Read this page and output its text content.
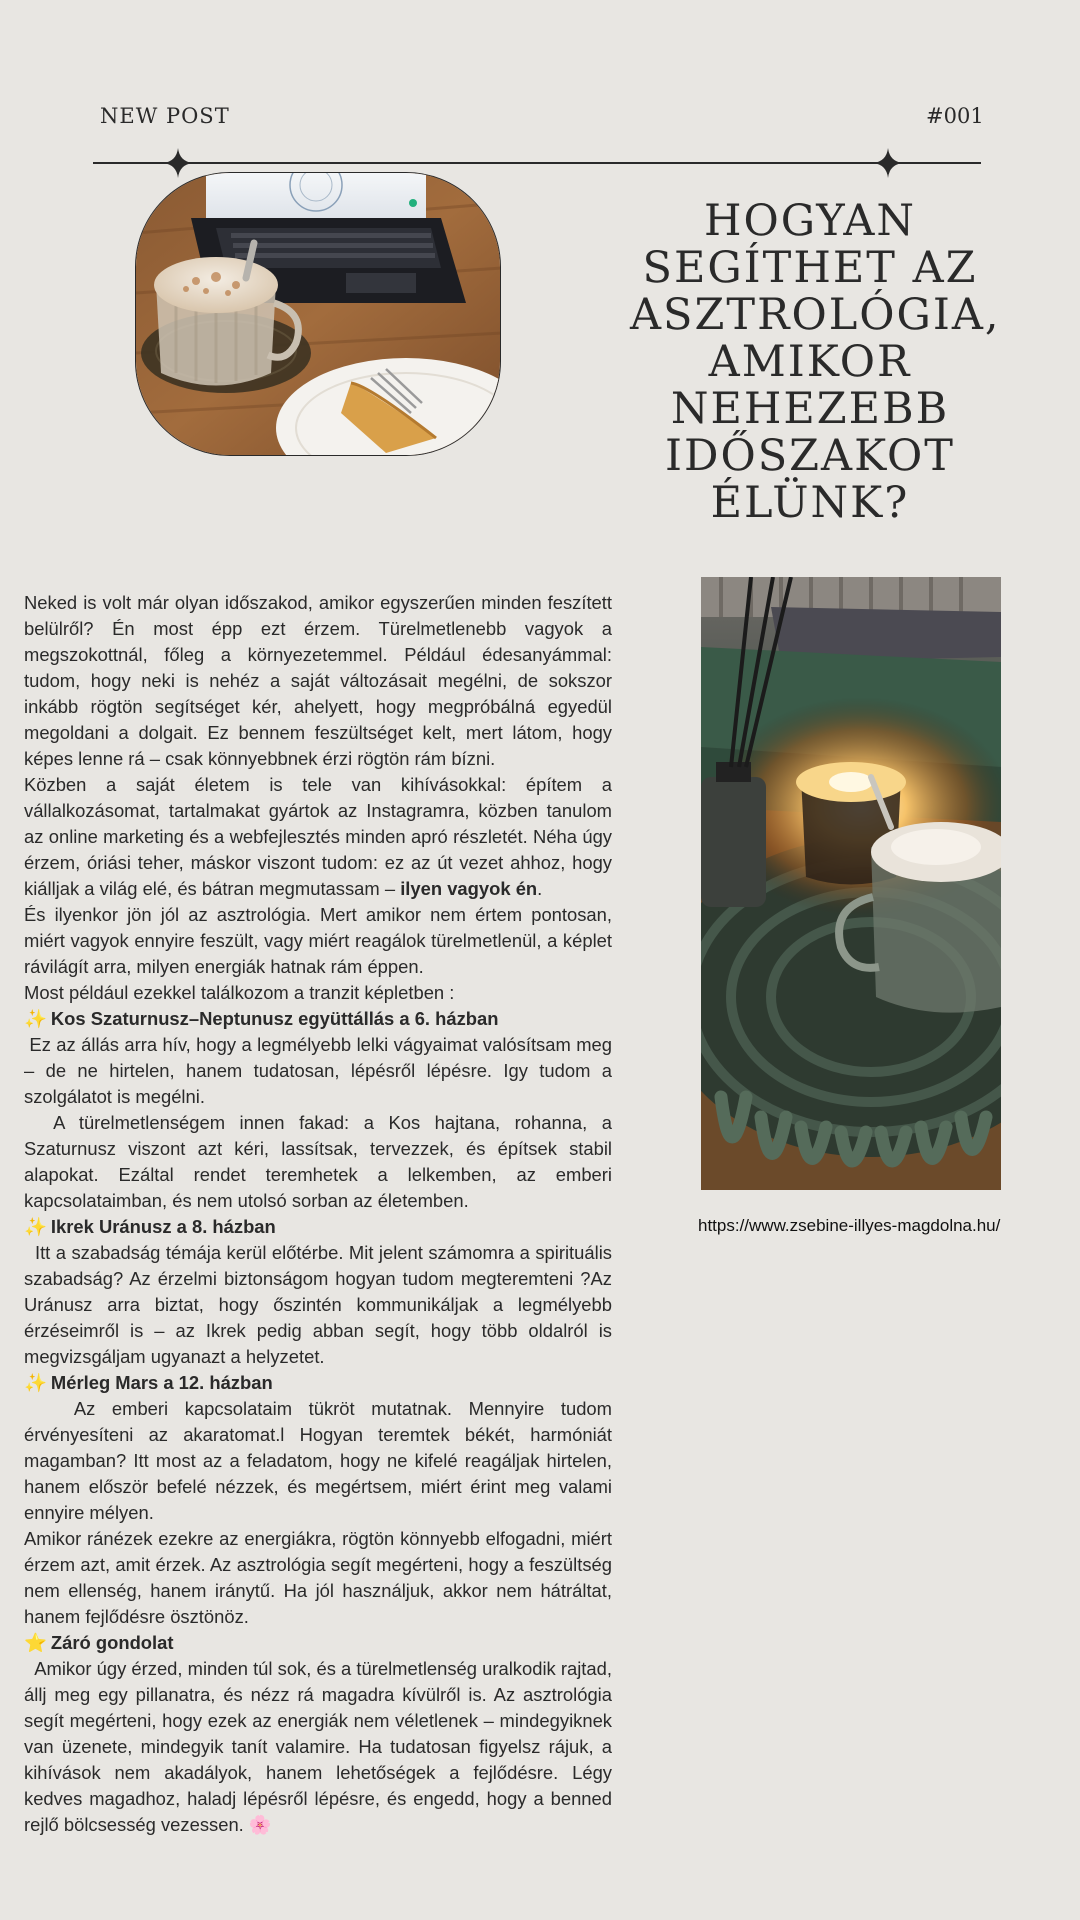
NEW POST	#001
HOGYAN
SEGÍTHET AZ
ASZTROLÓGIA,
AMIKOR
NEHEZEBB
IDŐSZAKOT
ÉLÜNK?

Neked is volt már olyan időszakod, amikor egyszerűen minden feszített belülről? Én most épp ezt érzem. Türelmetlenebb vagyok a megszokottnál, főleg a környezetemmel. Például édesanyámmal: tudom, hogy neki is nehéz a saját változásait megélni, de sokszor inkább rögtön segítséget kér, ahelyett, hogy megpróbálná egyedül megoldani a dolgait. Ez bennem feszültséget kelt, mert látom, hogy képes lenne rá – csak könnyebbnek érzi rögtön rám bízni.

Közben a saját életem is tele van kihívásokkal: építem a vállalkozásomat, tartalmakat gyártok az Instagramra, közben tanulom az online marketing és a webfejlesztés minden apró részletét. Néha úgy érzem, óriási teher, máskor viszont tudom: ez az út vezet ahhoz, hogy kiálljak a világ elé, és bátran megmutassam – ilyen vagyok én.

És ilyenkor jön jól az asztrológia. Mert amikor nem értem pontosan, miért vagyok ennyire feszült, vagy miért reagálok türelmetlenül, a képlet rávilágít arra, milyen energiák hatnak rám éppen.

Most például ezekkel találkozom a tranzit képletben :

✨ Kos Szaturnusz–Neptunusz együttállás a 6. házban

Ez az állás arra hív, hogy a legmélyebb lelki vágyaimat valósítsam meg – de ne hirtelen, hanem tudatosan, lépésről lépésre. Igy tudom a szolgálatot is megélni.

A türelmetlenségem innen fakad: a Kos hajtana, rohanna, a Szaturnusz viszont azt kéri, lassítsak, tervezzek, és építsek stabil alapokat. Ezáltal rendet teremhetek a lelkemben, az emberi kapcsolataimban, és nem utolsó sorban az életemben.

✨ Ikrek Uránusz a 8. házban

Itt a szabadság témája kerül előtérbe. Mit jelent számomra a spirituális szabadság? Az érzelmi biztonságom hogyan tudom megteremteni ?Az Uránusz arra biztat, hogy őszintén kommunikáljak a legmélyebb érzéseimről is – az Ikrek pedig abban segít, hogy több oldalról is megvizsgáljam ugyanazt a helyzetet.

✨ Mérleg Mars a 12. házban

Az emberi kapcsolataim tükröt mutatnak. Mennyire tudom érvényesíteni az akaratomat.l Hogyan teremtek békét, harmóniát magamban? Itt most az a feladatom, hogy ne kifelé reagáljak hirtelen, hanem először befelé nézzek, és megértsem, miért érint meg valami ennyire mélyen.

Amikor ránézek ezekre az energiákra, rögtön könnyebb elfogadni, miért érzem azt, amit érzek. Az asztrológia segít megérteni, hogy a feszültség nem ellenség, hanem iránytű. Ha jól használjuk, akkor nem hátráltat, hanem fejlődésre ösztönöz.

⭐ Záró gondolat

Amikor úgy érzed, minden túl sok, és a türelmetlenség uralkodik rajtad, állj meg egy pillanatra, és nézz rá magadra kívülről is. Az asztrológia segít megérteni, hogy ezek az energiák nem véletlenek – mindegyiknek van üzenete, mindegyik tanít valamire. Ha tudatosan figyelsz rájuk, a kihívások nem akadályok, hanem lehetőségek a fejlődésre. Légy kedves magadhoz, haladj lépésről lépésre, és engedd, hogy a benned rejlő bölcsesség vezessen. 🌸

https://www.zsebine-illyes-magdolna.hu/
